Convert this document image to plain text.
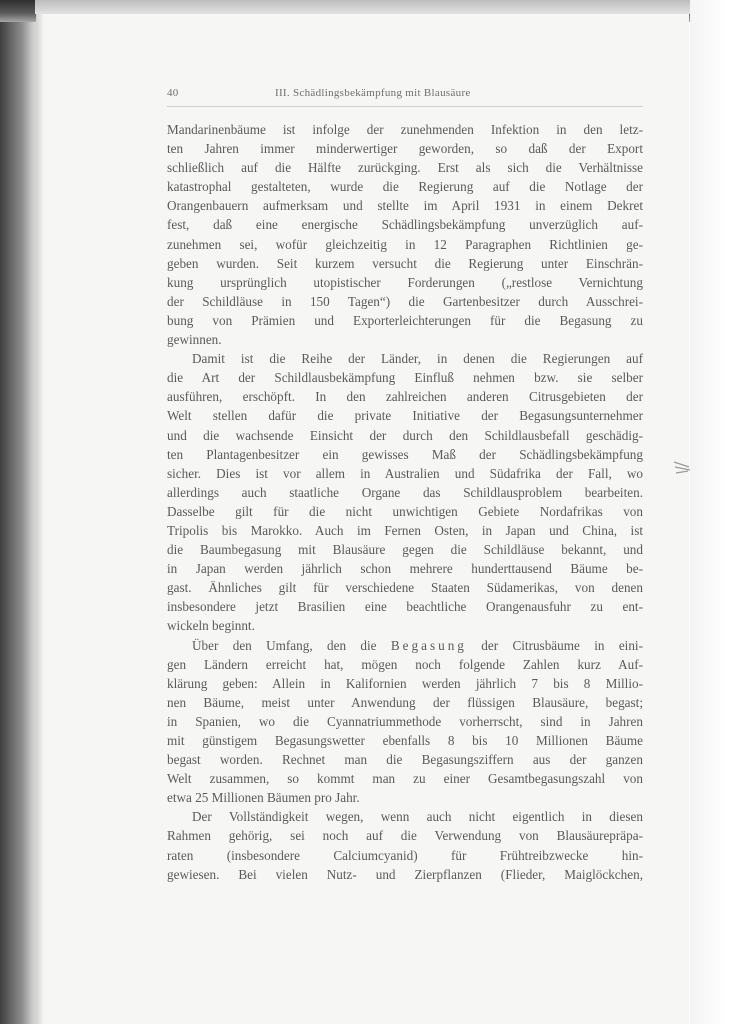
40	III. Schädlingsbekämpfung mit Blausäure
Mandarinenbäume ist infolge der zunehmenden Infektion in den letz-
ten Jahren immer minderwertiger geworden, so daß der Export
schließlich auf die Hälfte zurückging. Erst als sich die Verhältnisse
katastrophal gestalteten, wurde die Regierung auf die Notlage der
Orangenbauern aufmerksam und stellte im April 1931 in einem Dekret
fest, daß eine energische Schädlingsbekämpfung unverzüglich auf-
zunehmen sei, wofür gleichzeitig in 12 Paragraphen Richtlinien ge-
geben wurden. Seit kurzem versucht die Regierung unter Einschrän-
kung ursprünglich utopistischer Forderungen („restlose Vernichtung
der Schildläuse in 150 Tagen“) die Gartenbesitzer durch Ausschrei-
bung von Prämien und Exporterleichterungen für die Begasung zu
gewinnen.
Damit ist die Reihe der Länder, in denen die Regierungen auf
die Art der Schildlausbekämpfung Einfluß nehmen bzw. sie selber
ausführen, erschöpft. In den zahlreichen anderen Citrusgebieten der
Welt stellen dafür die private Initiative der Begasungsunternehmer
und die wachsende Einsicht der durch den Schildlausbefall geschädig-
ten Plantagenbesitzer ein gewisses Maß der Schädlingsbekämpfung
sicher. Dies ist vor allem in Australien und Südafrika der Fall, wo
allerdings auch staatliche Organe das Schildlausproblem bearbeiten.
Dasselbe gilt für die nicht unwichtigen Gebiete Nordafrikas von
Tripolis bis Marokko. Auch im Fernen Osten, in Japan und China, ist
die Baumbegasung mit Blausäure gegen die Schildläuse bekannt, und
in Japan werden jährlich schon mehrere hunderttausend Bäume be-
gast. Ähnliches gilt für verschiedene Staaten Südamerikas, von denen
insbesondere jetzt Brasilien eine beachtliche Orangenausfuhr zu ent-
wickeln beginnt.
Über den Umfang, den die Begasung der Citrusbäume in eini-
gen Ländern erreicht hat, mögen noch folgende Zahlen kurz Auf-
klärung geben: Allein in Kalifornien werden jährlich 7 bis 8 Millio-
nen Bäume, meist unter Anwendung der flüssigen Blausäure, begast;
in Spanien, wo die Cyannatriummethode vorherrscht, sind in Jahren
mit günstigem Begasungswetter ebenfalls 8 bis 10 Millionen Bäume
begast worden. Rechnet man die Begasungsziffern aus der ganzen
Welt zusammen, so kommt man zu einer Gesamtbegasungszahl von
etwa 25 Millionen Bäumen pro Jahr.
Der Vollständigkeit wegen, wenn auch nicht eigentlich in diesen
Rahmen gehörig, sei noch auf die Verwendung von Blausäurepräpa-
raten (insbesondere Calciumcyanid) für Frühtreibzwecke hin-
gewiesen. Bei vielen Nutz- und Zierpflanzen (Flieder, Maiglöckchen,
